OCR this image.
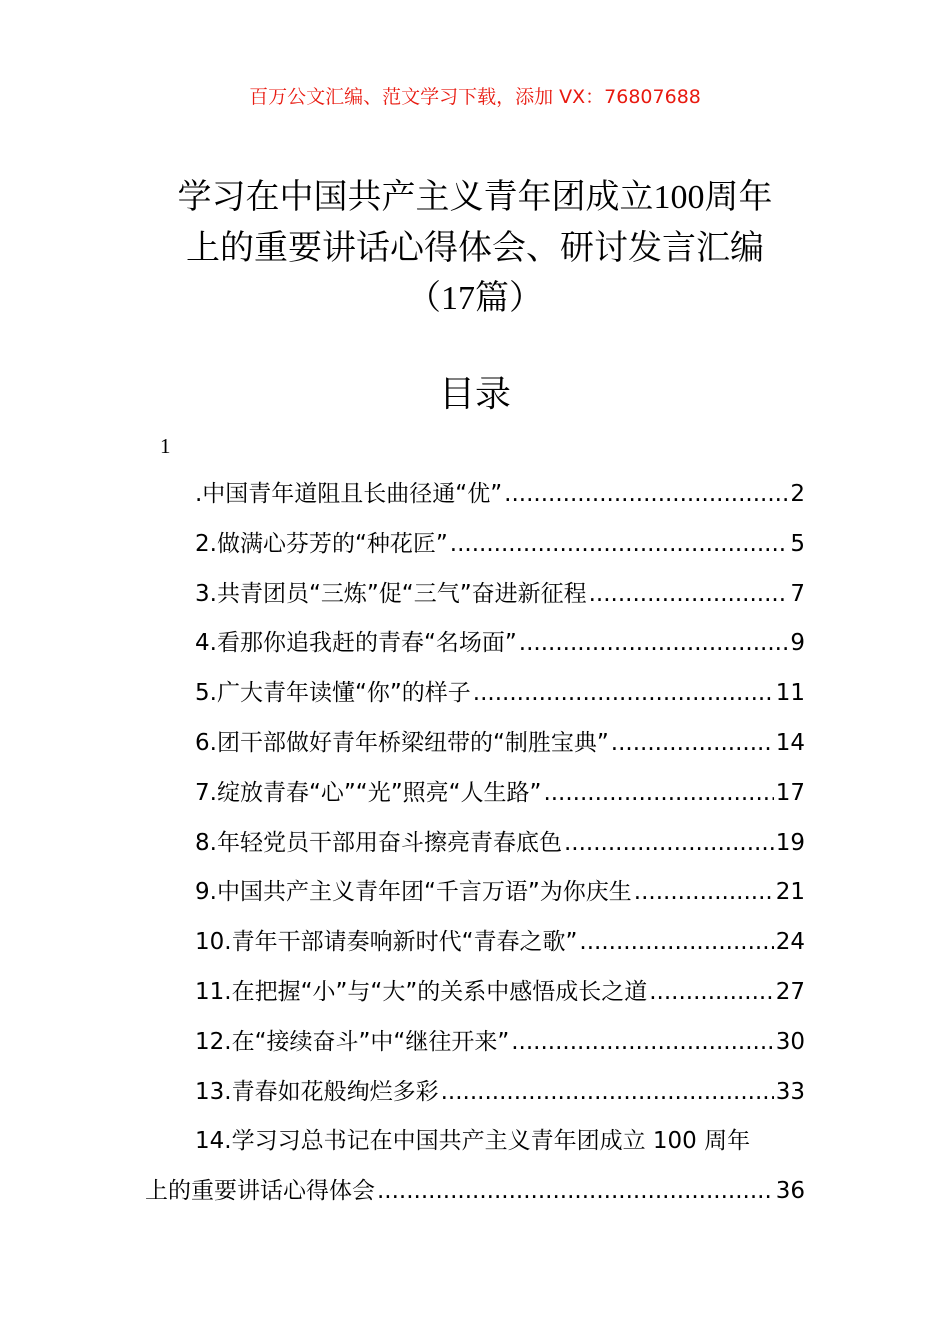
百万公文汇编、范文学习下载，添加 VX：76807688
学习在中国共产主义青年团成立100周年
上的重要讲话心得体会、研讨发言汇编
（17篇）
目录
1
.中国青年道阻且长曲径通“优” .....	2
2.做满心芬芳的“种花匠” .....	5
3.共青团员“三炼”促“三气”奋进新征程 .....	7
4.看那你追我赶的青春“名场面” .....	9
5.广大青年读懂“你”的样子 .....	11
6.团干部做好青年桥梁纽带的“制胜宝典” .....	14
7.绽放青春“心”“光”照亮“人生路” .....	17
8.年轻党员干部用奋斗擦亮青春底色 .....	19
9.中国共产主义青年团“千言万语”为你庆生 .....	21
10.青年干部请奏响新时代“青春之歌” .....	24
11.在把握“小”与“大”的关系中感悟成长之道 .....	27
12.在“接续奋斗”中“继往开来” .....	30
13.青春如花般绚烂多彩 .....	33
14.学习习总书记在中国共产主义青年团成立 100 周年
上的重要讲话心得体会 .....	36
